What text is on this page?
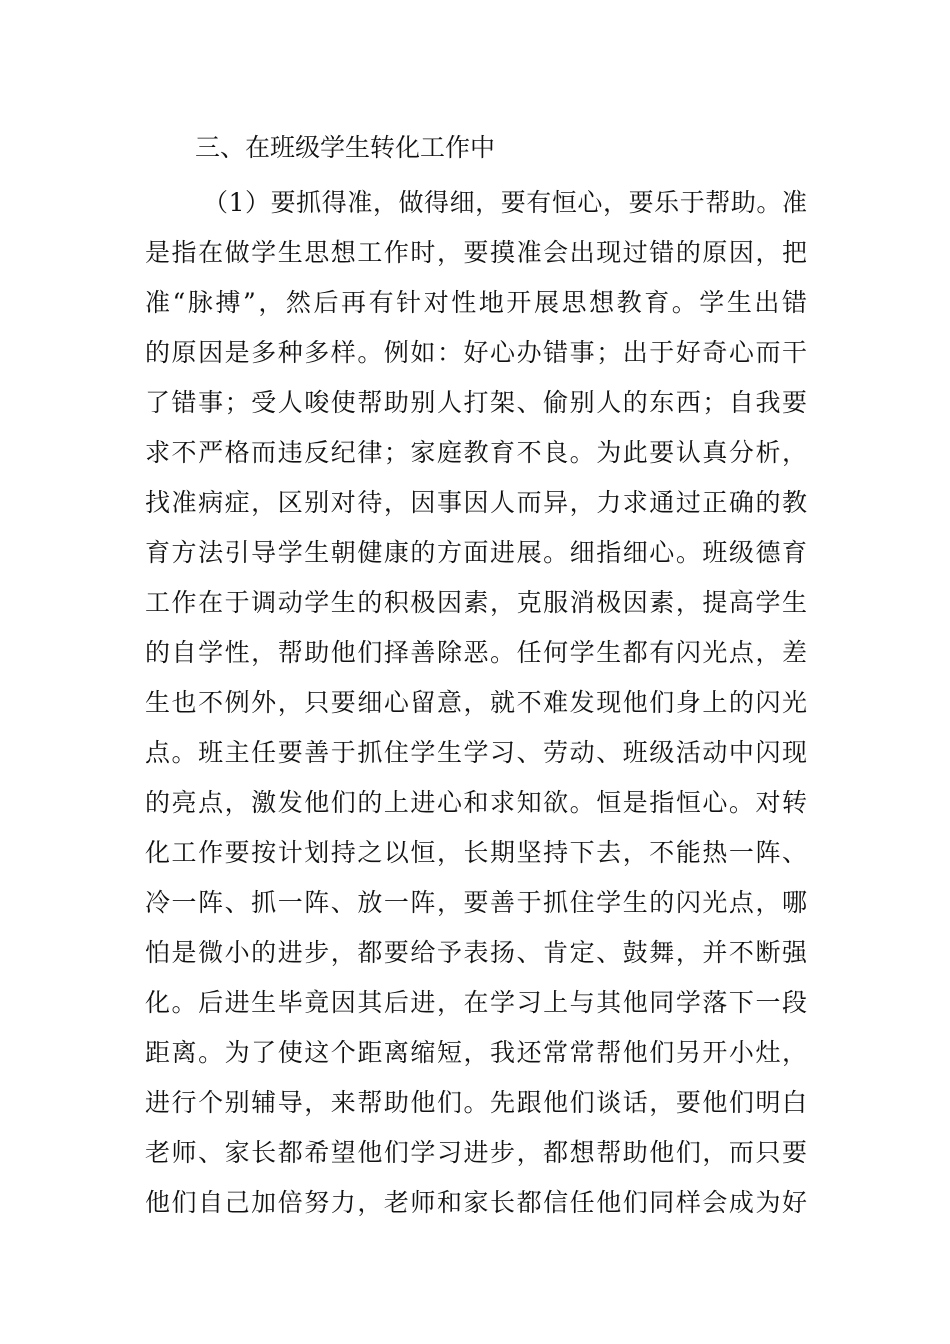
三、在班级学生转化工作中
（1）要抓得准，做得细，要有恒心，要乐于帮助。准
是指在做学生思想工作时，要摸准会出现过错的原因，把
准“脉搏”，然后再有针对性地开展思想教育。学生出错
的原因是多种多样。例如：好心办错事；出于好奇心而干
了错事；受人唆使帮助别人打架、偷别人的东西；自我要
求不严格而违反纪律；家庭教育不良。为此要认真分析，
找准病症，区别对待，因事因人而异，力求通过正确的教
育方法引导学生朝健康的方面进展。细指细心。班级德育
工作在于调动学生的积极因素，克服消极因素，提高学生
的自学性，帮助他们择善除恶。任何学生都有闪光点，差
生也不例外，只要细心留意，就不难发现他们身上的闪光
点。班主任要善于抓住学生学习、劳动、班级活动中闪现
的亮点，激发他们的上进心和求知欲。恒是指恒心。对转
化工作要按计划持之以恒，长期坚持下去，不能热一阵、
冷一阵、抓一阵、放一阵，要善于抓住学生的闪光点，哪
怕是微小的进步，都要给予表扬、肯定、鼓舞，并不断强
化。后进生毕竟因其后进，在学习上与其他同学落下一段
距离。为了使这个距离缩短，我还常常帮他们另开小灶，
进行个别辅导，来帮助他们。先跟他们谈话，要他们明白
老师、家长都希望他们学习进步，都想帮助他们，而只要
他们自己加倍努力，老师和家长都信任他们同样会成为好
